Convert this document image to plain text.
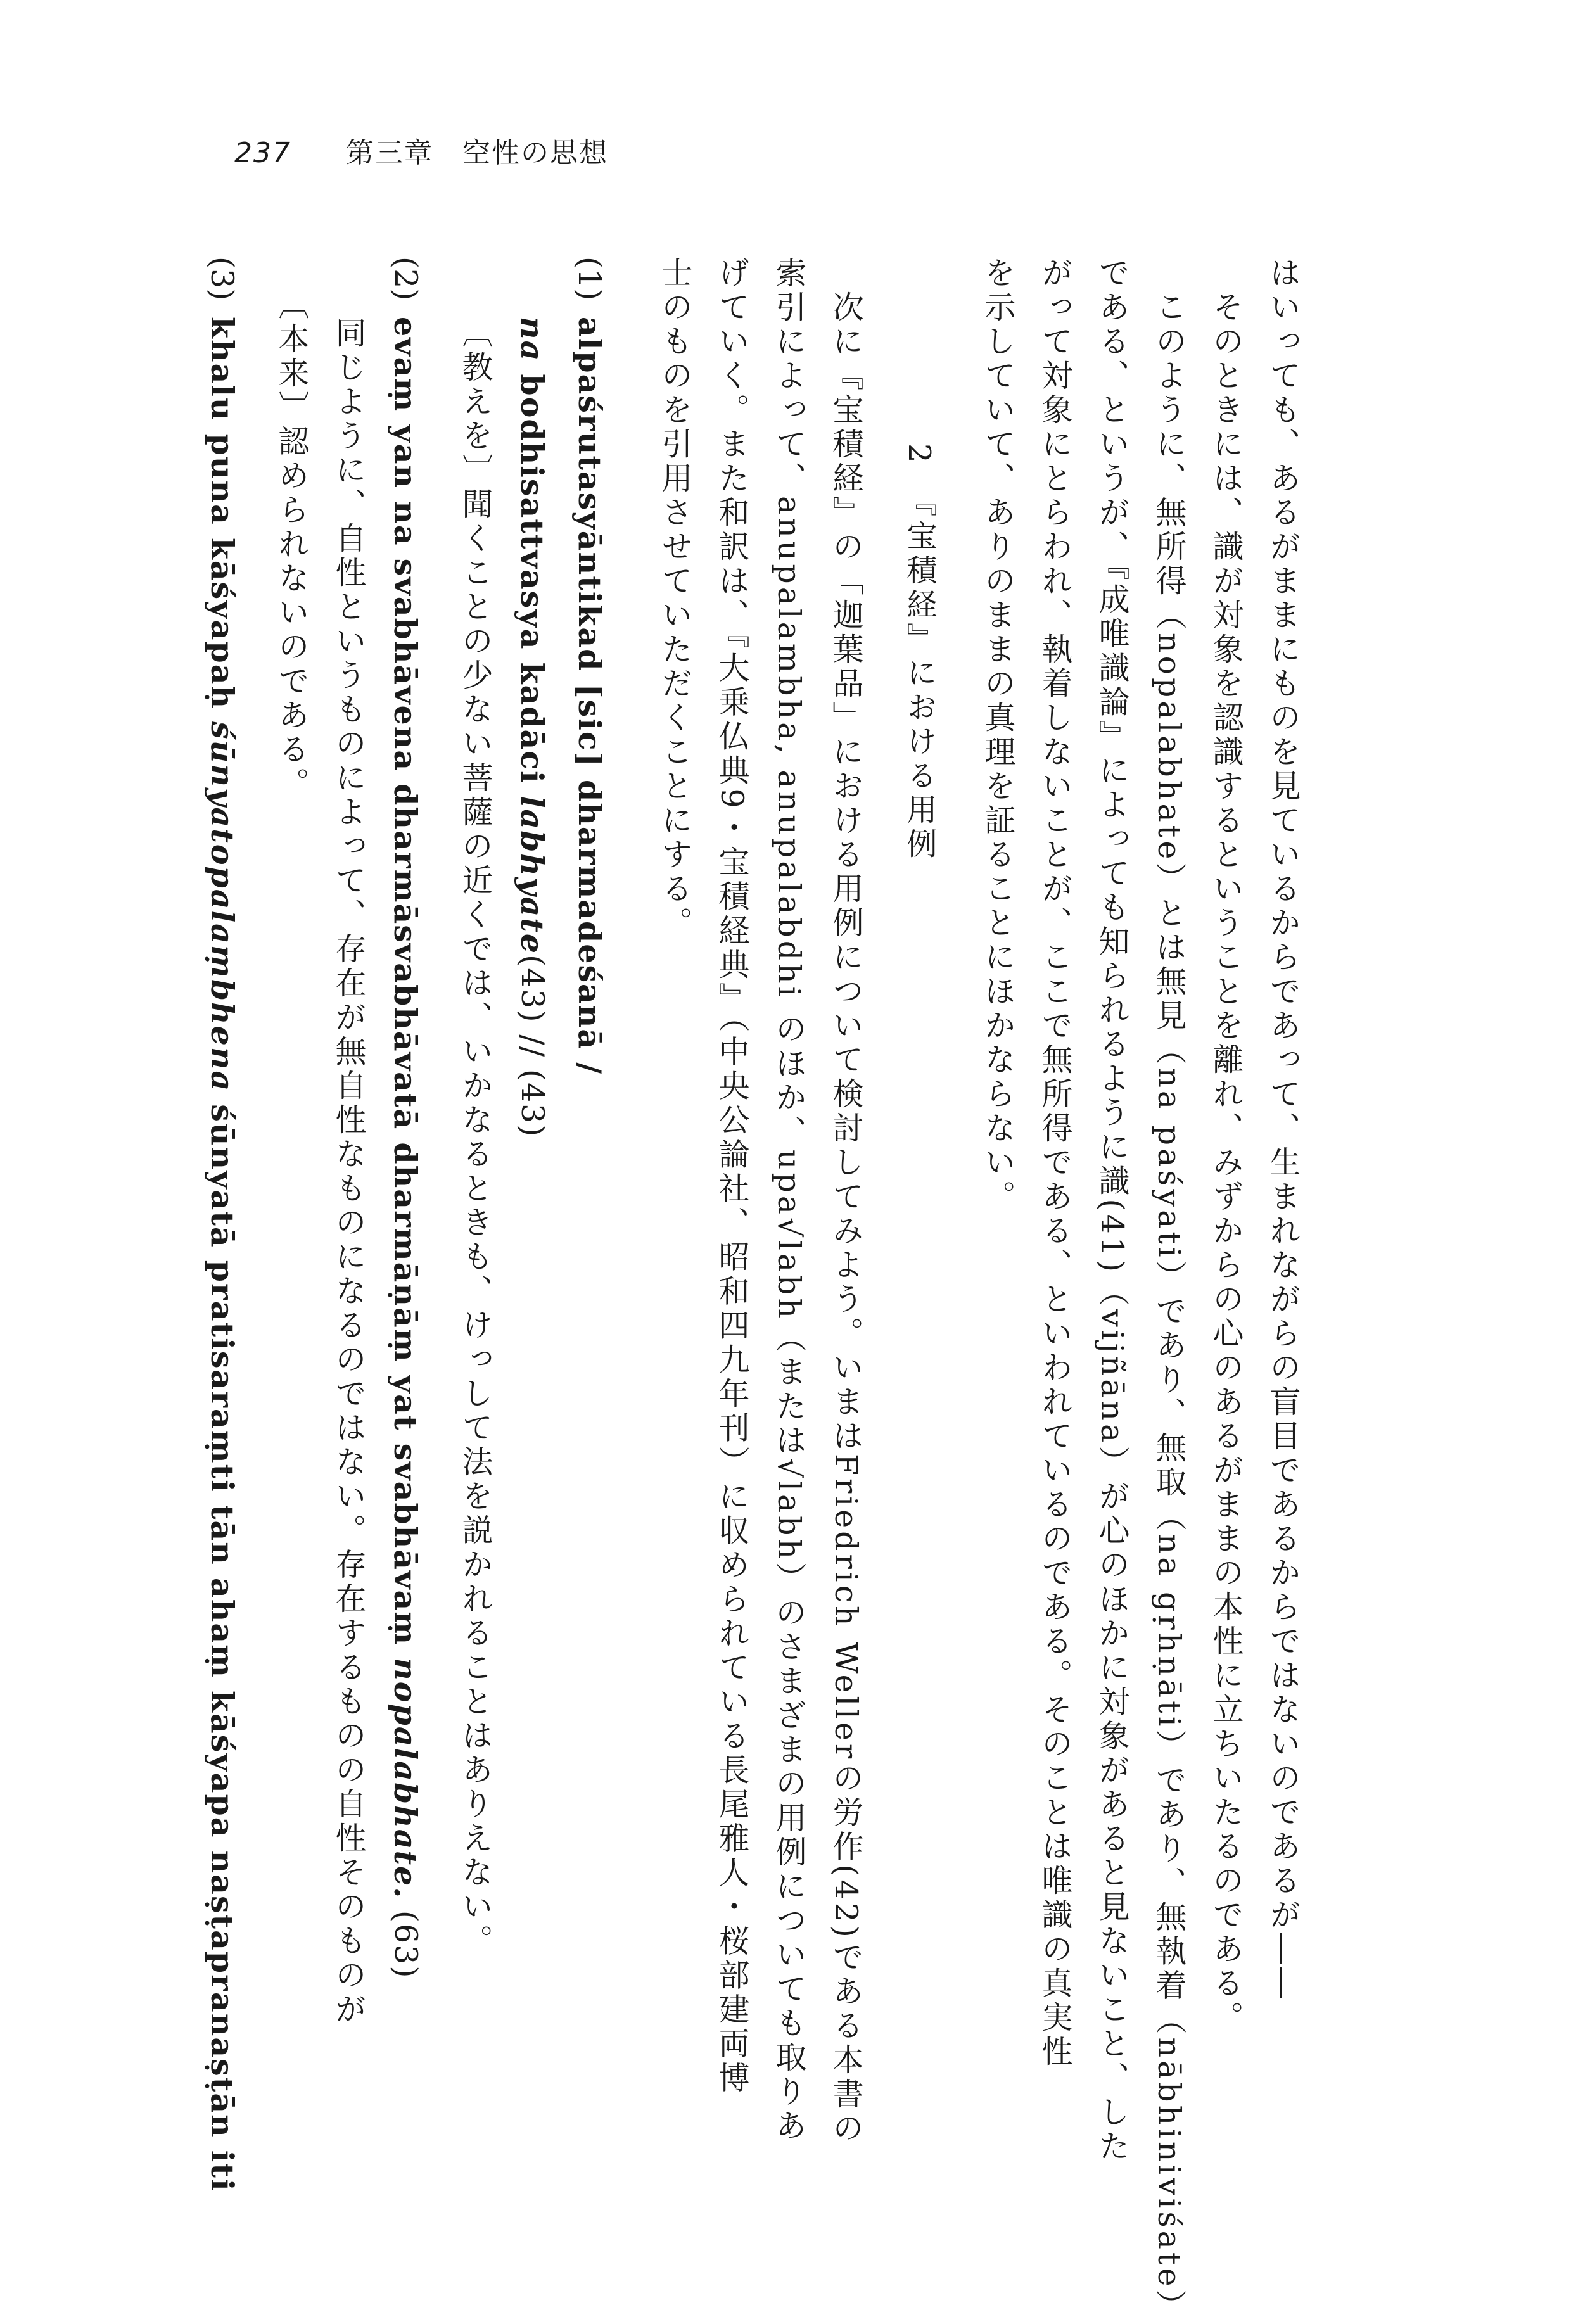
237 第三章　空性の思想
はいっても、あるがままにものを見ているからであって、生まれながらの盲目であるからではないのであるが――
　そのときには、識が対象を認識するということを離れ、みずからの心のあるがままの本性に立ちいたるのである。
　このように、無所得（nopalabhate）とは無見（na paśyati）であり、無取（na gṛhṇāti）であり、無執着（nābhiniviśate）
である、というが、『成唯識論』によっても知られるように識(41)（vijñāna）が心のほかに対象があると見ないこと、した
がって対象にとらわれ、執着しないことが、ここで無所得である、といわれているのである。そのことは唯識の真実性
を示していて、ありのままの真理を証ることにほかならない。
2　『宝積経』における用例
　次に『宝積経』の「迦葉品」における用例について検討してみよう。いまはFriedrich Wellerの労作(42)である本書の
索引によって、anupalambha, anupalabdhi のほか、upa√labh（または√labh）のさまざまの用例についても取りあ
げていく。また和訳は、『大乗仏典9・宝積経典』（中央公論社、昭和四九年刊）に収められている長尾雅人・桜部建両博
士のものを引用させていただくことにする。
(1)
alpaśrutasyāntikad [sic] dharmadeśanā /
na bodhisattvasya kadāci labhyate(43) // (43)
〔教えを〕聞くことの少ない菩薩の近くでは、いかなるときも、けっして法を説かれることはありえない。
(2)
evaṃ yan na svabhāvena dharmāsvabhāvatā dharmāṇāṃ yat svabhāvaṃ nopalabhate. (63)
同じように、自性というものによって、存在が無自性なものになるのではない。存在するものの自性そのものが
〔本来〕認められないのである。
(3)
khalu puna kāśyapaḥ śūnyatopalaṃbhena śūnyatā pratisaraṃti tān ahaṃ kāśyapa naṣṭapranaṣṭān iti
